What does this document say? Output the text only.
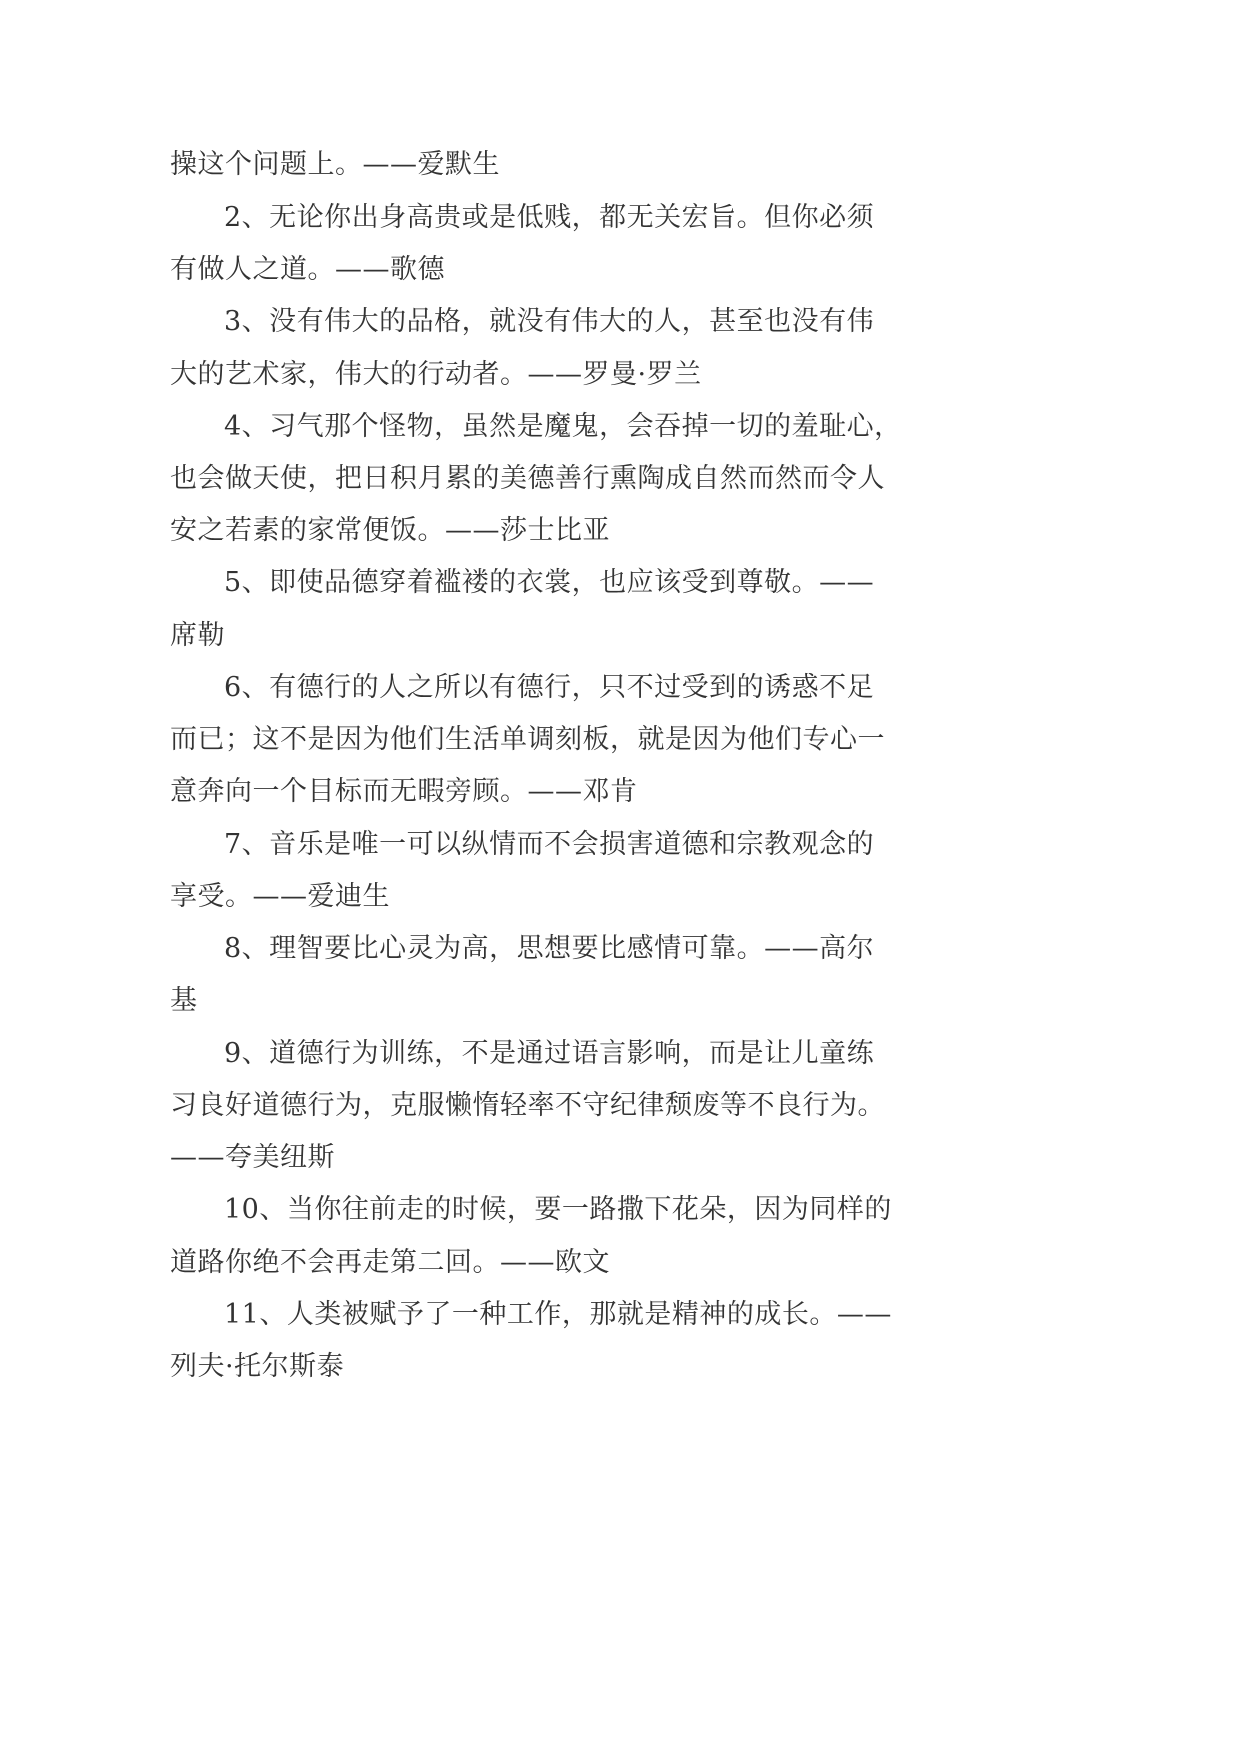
操这个问题上。——爱默生
2、无论你出身高贵或是低贱，都无关宏旨。但你必须
有做人之道。——歌德
3、没有伟大的品格，就没有伟大的人，甚至也没有伟
大的艺术家，伟大的行动者。——罗曼·罗兰
4、习气那个怪物，虽然是魔鬼，会吞掉一切的羞耻心，
也会做天使，把日积月累的美德善行熏陶成自然而然而令人
安之若素的家常便饭。——莎士比亚
5、即使品德穿着褴褛的衣裳，也应该受到尊敬。——
席勒
6、有德行的人之所以有德行，只不过受到的诱惑不足
而已；这不是因为他们生活单调刻板，就是因为他们专心一
意奔向一个目标而无暇旁顾。——邓肯
7、音乐是唯一可以纵情而不会损害道德和宗教观念的
享受。——爱迪生
8、理智要比心灵为高，思想要比感情可靠。——高尔
基
9、道德行为训练，不是通过语言影响，而是让儿童练
习良好道德行为，克服懒惰轻率不守纪律颓废等不良行为。
——夸美纽斯
10、当你往前走的时候，要一路撒下花朵，因为同样的
道路你绝不会再走第二回。——欧文
11、人类被赋予了一种工作，那就是精神的成长。——
列夫·托尔斯泰
